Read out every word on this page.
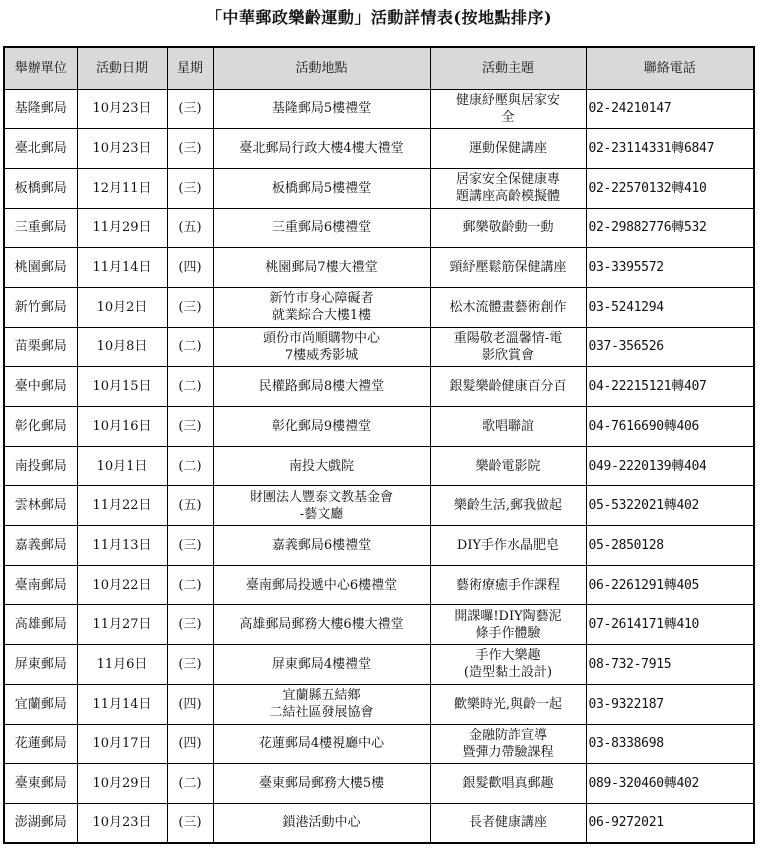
「中華郵政樂齡運動」活動詳情表(按地點排序)
舉辦單位	活動日期	星期	活動地點	活動主題	聯絡電話

基隆郵局	10月23日	(三)	基隆郵局5樓禮堂	健康紓壓與居家安
全	02-24210147

臺北郵局	10月23日	(三)	臺北郵局行政大樓4樓大禮堂	運動保健講座	02-23114331轉6847

板橋郵局	12月11日	(三)	板橋郵局5樓禮堂	居家安全保健康專
題講座高齡模擬體	02-22570132轉410

三重郵局	11月29日	(五)	三重郵局6樓禮堂	郵樂敬齡動一動	02-29882776轉532

桃園郵局	11月14日	(四)	桃園郵局7樓大禮堂	頸紓壓鬆筋保健講座	03-3395572

新竹郵局	10月2日	(三)	新竹市身心障礙者
就業綜合大樓1樓	松木流體畫藝術創作	03-5241294

苗栗郵局	10月8日	(二)	頭份市尚順購物中心
7樓威秀影城	重陽敬老溫馨情-電
影欣賞會	037-356526

臺中郵局	10月15日	(二)	民權路郵局8樓大禮堂	銀髮樂齡健康百分百	04-22215121轉407

彰化郵局	10月16日	(三)	彰化郵局9樓禮堂	歌唱聯誼	04-7616690轉406

南投郵局	10月1日	(二)	南投大戲院	樂齡電影院	049-2220139轉404

雲林郵局	11月22日	(五)	財團法人豐泰文教基金會
-藝文廳	樂齡生活,郵我做起	05-5322021轉402

嘉義郵局	11月13日	(三)	嘉義郵局6樓禮堂	DIY手作水晶肥皂	05-2850128

臺南郵局	10月22日	(二)	臺南郵局投遞中心6樓禮堂	藝術療癒手作課程	06-2261291轉405

高雄郵局	11月27日	(三)	高雄郵局郵務大樓6樓大禮堂	開課囉!DIY陶藝泥
條手作體驗	07-2614171轉410

屏東郵局	11月6日	(三)	屏東郵局4樓禮堂	手作大樂趣
(造型黏土設計)	08-732-7915

宜蘭郵局	11月14日	(四)	宜蘭縣五結鄉
二結社區發展協會	歡樂時光,與齡一起	03-9322187

花蓮郵局	10月17日	(四)	花蓮郵局4樓視廳中心	金融防詐宣導
暨彈力帶驗課程	03-8338698

臺東郵局	10月29日	(二)	臺東郵局郵務大樓5樓	銀髮歡唱真郵趣	089-320460轉402

澎湖郵局	10月23日	(三)	鎖港活動中心	長者健康講座	06-9272021
